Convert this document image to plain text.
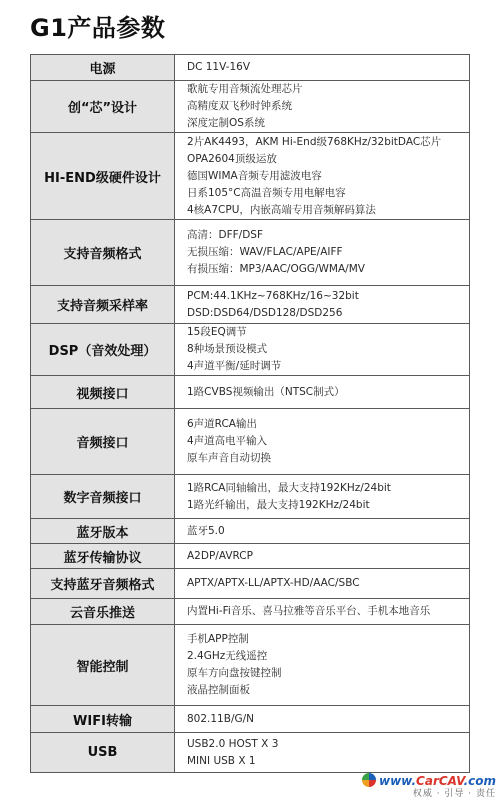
G1产品参数
电源	DC 11V-16V

创“芯”设计	歌航专用音频流处理芯片
高精度双飞秒时钟系统
深度定制OS系统

HI-END级硬件设计	2片AK4493，AKM Hi-End级768KHz/32bitDAC芯片
OPA2604顶级运放
德国WIMA音频专用滤波电容
日系105°C高温音频专用电解电容
4核A7CPU，内嵌高端专用音频解码算法

支持音频格式	高清：DFF/DSF
无损压缩：WAV/FLAC/APE/AIFF
有损压缩：MP3/AAC/OGG/WMA/MV

支持音频采样率	PCM:44.1KHz~768KHz/16~32bit
DSD:DSD64/DSD128/DSD256

DSP（音效处理）	15段EQ调节
8种场景预设模式
4声道平衡/延时调节

视频接口	1路CVBS视频输出（NTSC制式）

音频接口	6声道RCA输出
4声道高电平输入
原车声音自动切换

数字音频接口	1路RCA同轴输出，最大支持192KHz/24bit
1路光纤输出，最大支持192KHz/24bit

蓝牙版本	蓝牙5.0

蓝牙传输协议	A2DP/AVRCP

支持蓝牙音频格式	APTX/APTX-LL/APTX-HD/AAC/SBC

云音乐推送	内置Hi-Fi音乐、喜马拉雅等音乐平台、手机本地音乐

智能控制	手机APP控制
2.4GHz无线遥控
原车方向盘按键控制
液晶控制面板

WIFI转输	802.11B/G/N

USB	USB2.0 HOST X 3
MINI USB X 1
www.CarCAV.com
权威 · 引导 · 责任
